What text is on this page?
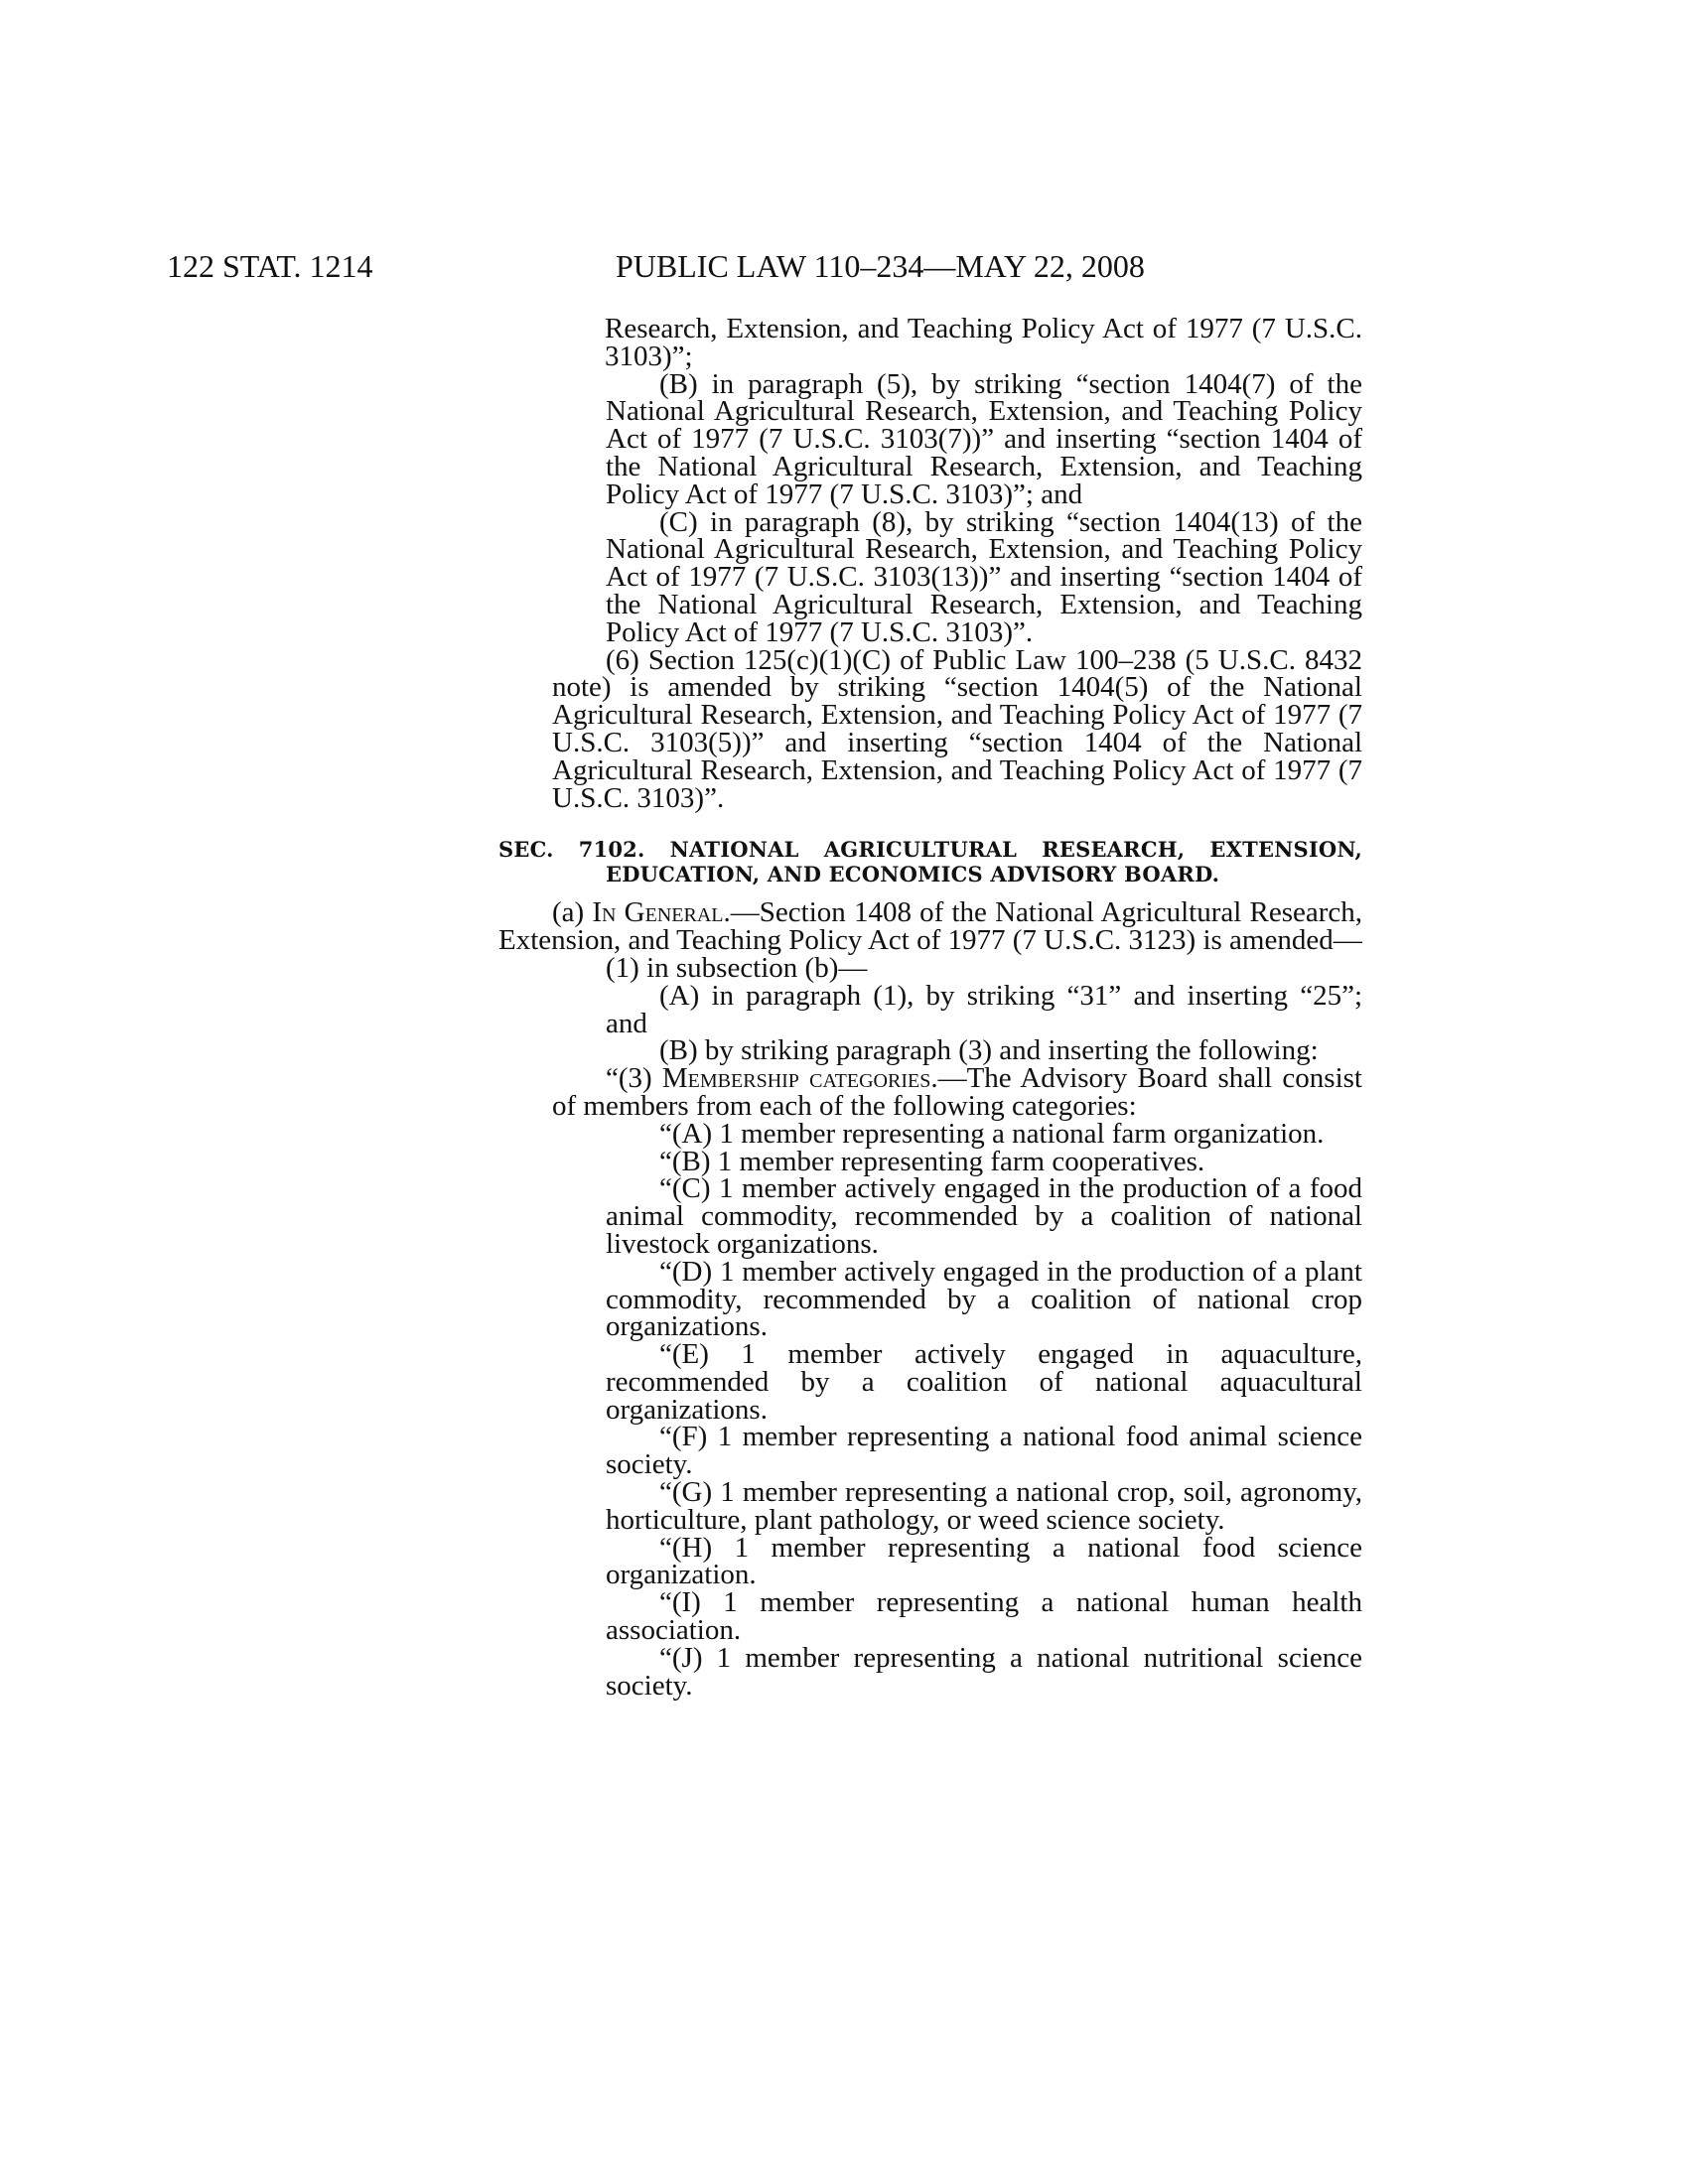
122 STAT. 1214	PUBLIC LAW 110–234—MAY 22, 2008

Research, Extension, and Teaching Policy Act of 1977 (7 U.S.C. 3103)”;

(B) in paragraph (5), by striking “section 1404(7) of the National Agricultural Research, Extension, and Teaching Policy Act of 1977 (7 U.S.C. 3103(7))” and inserting “section 1404 of the National Agricultural Research, Extension, and Teaching Policy Act of 1977 (7 U.S.C. 3103)”; and

(C) in paragraph (8), by striking “section 1404(13) of the National Agricultural Research, Extension, and Teaching Policy Act of 1977 (7 U.S.C. 3103(13))” and inserting “section 1404 of the National Agricultural Research, Extension, and Teaching Policy Act of 1977 (7 U.S.C. 3103)”.

(6) Section 125(c)(1)(C) of Public Law 100–238 (5 U.S.C. 8432 note) is amended by striking “section 1404(5) of the National Agricultural Research, Extension, and Teaching Policy Act of 1977 (7 U.S.C. 3103(5))” and inserting “section 1404 of the National Agricultural Research, Extension, and Teaching Policy Act of 1977 (7 U.S.C. 3103)”.

SEC. 7102. NATIONAL AGRICULTURAL RESEARCH, EXTENSION, EDUCATION, AND ECONOMICS ADVISORY BOARD.

(a) In General.—Section 1408 of the National Agricultural Research, Extension, and Teaching Policy Act of 1977 (7 U.S.C. 3123) is amended—

(1) in subsection (b)—

(A) in paragraph (1), by striking “31” and inserting “25”; and

(B) by striking paragraph (3) and inserting the following:

“(3) Membership categories.—The Advisory Board shall consist of members from each of the following categories:

“(A) 1 member representing a national farm organization.

“(B) 1 member representing farm cooperatives.

“(C) 1 member actively engaged in the production of a food animal commodity, recommended by a coalition of national livestock organizations.

“(D) 1 member actively engaged in the production of a plant commodity, recommended by a coalition of national crop organizations.

“(E) 1 member actively engaged in aquaculture, recommended by a coalition of national aquacultural organizations.

“(F) 1 member representing a national food animal science society.

“(G) 1 member representing a national crop, soil, agronomy, horticulture, plant pathology, or weed science society.

“(H) 1 member representing a national food science organization.

“(I) 1 member representing a national human health association.

“(J) 1 member representing a national nutritional science society.
